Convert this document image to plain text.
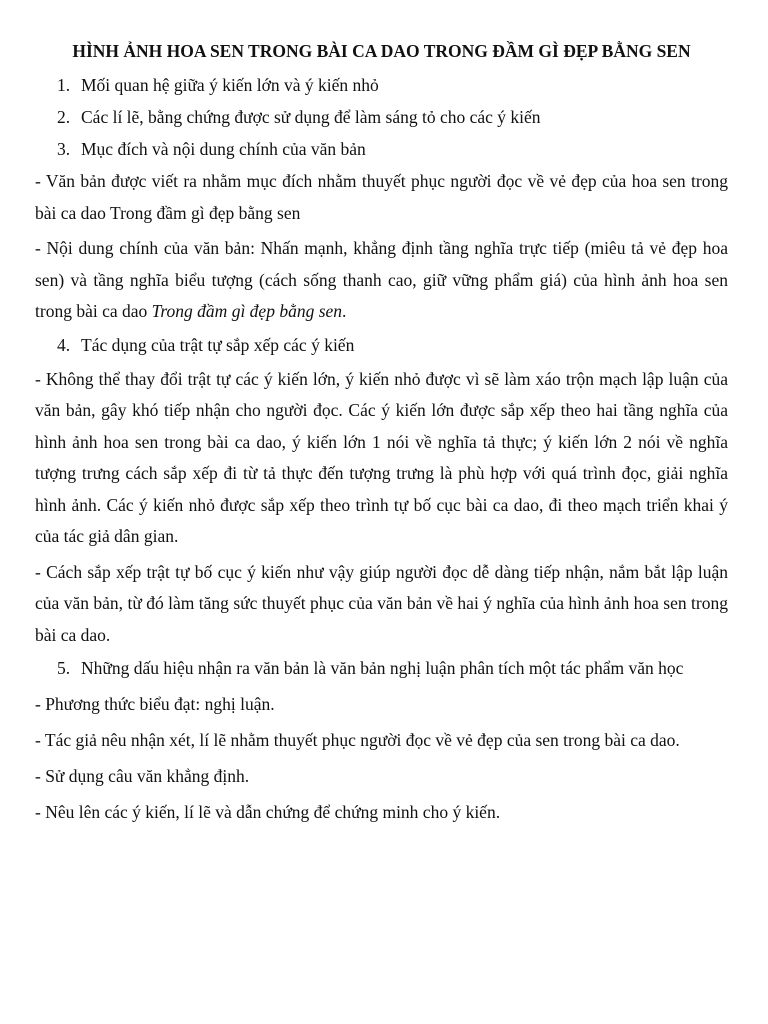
HÌNH ẢNH HOA SEN TRONG BÀI CA DAO TRONG ĐẦM GÌ ĐẸP BẰNG SEN
1. Mối quan hệ giữa ý kiến lớn và ý kiến nhỏ
2. Các lí lẽ, bằng chứng được sử dụng để làm sáng tỏ cho các ý kiến
3. Mục đích và nội dung chính của văn bản

- Văn bản được viết ra nhằm mục đích nhằm thuyết phục người đọc về vẻ đẹp của hoa sen trong bài ca dao Trong đầm gì đẹp bằng sen

- Nội dung chính của văn bản: Nhấn mạnh, khẳng định tầng nghĩa trực tiếp (miêu tả vẻ đẹp hoa sen) và tầng nghĩa biểu tượng (cách sống thanh cao, giữ vững phẩm giá) của hình ảnh hoa sen trong bài ca dao Trong đầm gì đẹp bằng sen.

4. Tác dụng của trật tự sắp xếp các ý kiến

- Không thể thay đổi trật tự các ý kiến lớn, ý kiến nhỏ được vì sẽ làm xáo trộn mạch lập luận của văn bản, gây khó tiếp nhận cho người đọc. Các ý kiến lớn được sắp xếp theo hai tầng nghĩa của hình ảnh hoa sen trong bài ca dao, ý kiến lớn 1 nói về nghĩa tả thực; ý kiến lớn 2 nói về nghĩa tượng trưng cách sắp xếp đi từ tả thực đến tượng trưng là phù hợp với quá trình đọc, giải nghĩa hình ảnh. Các ý kiến nhỏ được sắp xếp theo trình tự bố cục bài ca dao, đi theo mạch triển khai ý của tác giả dân gian.

- Cách sắp xếp trật tự bố cục ý kiến như vậy giúp người đọc dễ dàng tiếp nhận, nắm bắt lập luận của văn bản, từ đó làm tăng sức thuyết phục của văn bản về hai ý nghĩa của hình ảnh hoa sen trong bài ca dao.

5. Những dấu hiệu nhận ra văn bản là văn bản nghị luận phân tích một tác phẩm văn học

- Phương thức biểu đạt: nghị luận.

- Tác giả nêu nhận xét, lí lẽ nhằm thuyết phục người đọc về vẻ đẹp của sen trong bài ca dao.

- Sử dụng câu văn khẳng định.

- Nêu lên các ý kiến, lí lẽ và dẫn chứng để chứng minh cho ý kiến.
